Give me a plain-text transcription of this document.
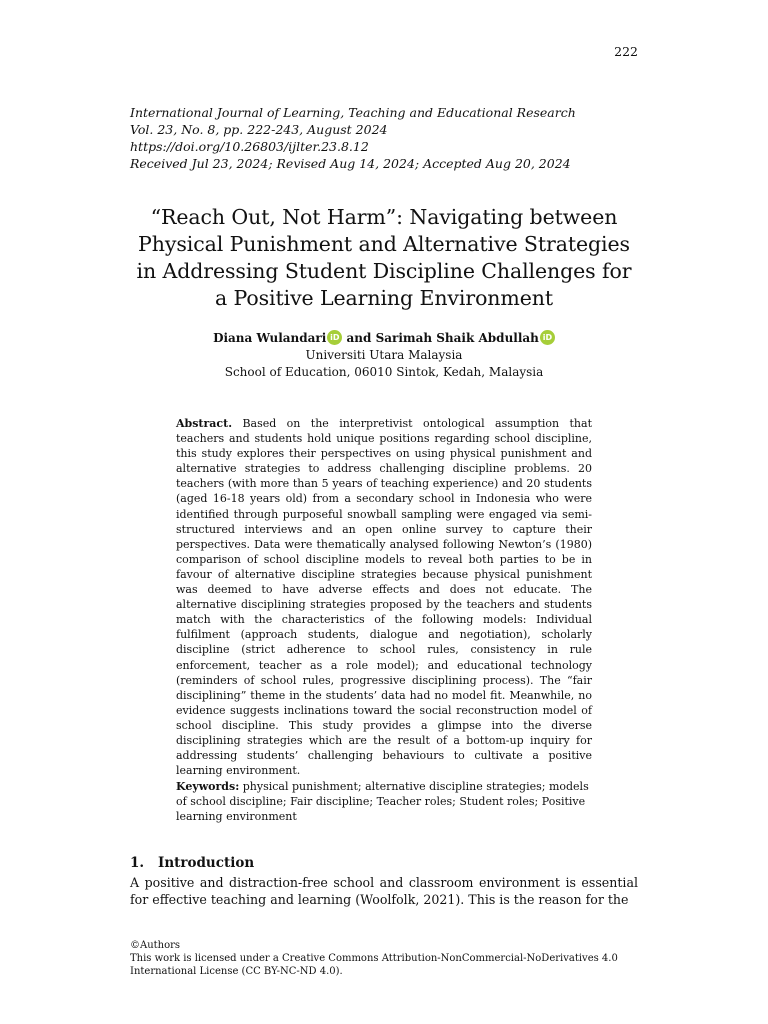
222
International Journal of Learning, Teaching and Educational Research
Vol. 23, No. 8, pp. 222-243, August 2024
https://doi.org/10.26803/ijlter.23.8.12
Received Jul 23, 2024; Revised Aug 14, 2024; Accepted Aug 20, 2024
“Reach Out, Not Harm”: Navigating between
Physical Punishment and Alternative Strategies
in Addressing Student Discipline Challenges for
a Positive Learning Environment
Diana Wulandari iD and Sarimah Shaik Abdullah iD
Universiti Utara Malaysia
School of Education, 06010 Sintok, Kedah, Malaysia
Abstract. Based on the interpretivist ontological assumption that teachers and students hold unique positions regarding school discipline, this study explores their perspectives on using physical punishment and alternative strategies to address challenging discipline problems. 20 teachers (with more than 5 years of teaching experience) and 20 students (aged 16-18 years old) from a secondary school in Indonesia who were identified through purposeful snowball sampling were engaged via semi-structured interviews and an open online survey to capture their perspectives. Data were thematically analysed following Newton’s (1980) comparison of school discipline models to reveal both parties to be in favour of alternative discipline strategies because physical punishment was deemed to have adverse effects and does not educate. The alternative disciplining strategies proposed by the teachers and students match with the characteristics of the following models: Individual fulfilment (approach students, dialogue and negotiation), scholarly discipline (strict adherence to school rules, consistency in rule enforcement, teacher as a role model); and educational technology (reminders of school rules, progressive disciplining process). The “fair disciplining” theme in the students’ data had no model fit. Meanwhile, no evidence suggests inclinations toward the social reconstruction model of school discipline. This study provides a glimpse into the diverse disciplining strategies which are the result of a bottom-up inquiry for addressing students’ challenging behaviours to cultivate a positive learning environment.
Keywords: physical punishment; alternative discipline strategies; models of school discipline; Fair discipline; Teacher roles; Student roles; Positive learning environment
1. Introduction
A positive and distraction-free school and classroom environment is essential for effective teaching and learning (Woolfolk, 2021). This is the reason for the
©Authors
This work is licensed under a Creative Commons Attribution-NonCommercial-NoDerivatives 4.0
International License (CC BY-NC-ND 4.0).
